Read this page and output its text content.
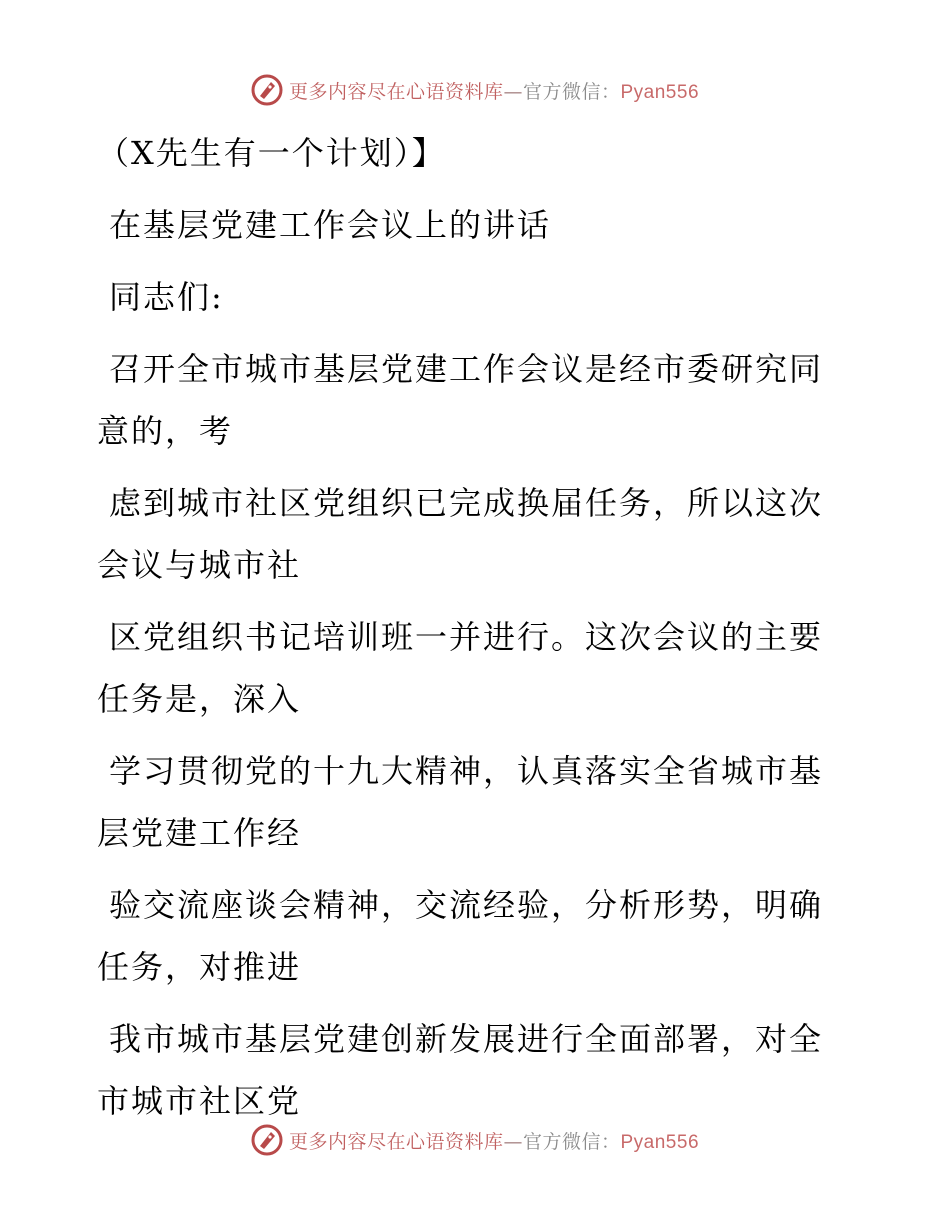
更多内容尽在心语资料库—官方微信：Pyan556
（X先生有一个计划）】
在基层党建工作会议上的讲话
同志们:
召开全市城市基层党建工作会议是经市委研究同
意的，考
虑到城市社区党组织已完成换届任务，所以这次
会议与城市社
区党组织书记培训班一并进行。这次会议的主要
任务是，深入
学习贯彻党的十九大精神，认真落实全省城市基
层党建工作经
验交流座谈会精神，交流经验，分析形势，明确
任务，对推进
我市城市基层党建创新发展进行全面部署，对全
市城市社区党
更多内容尽在心语资料库—官方微信：Pyan556
